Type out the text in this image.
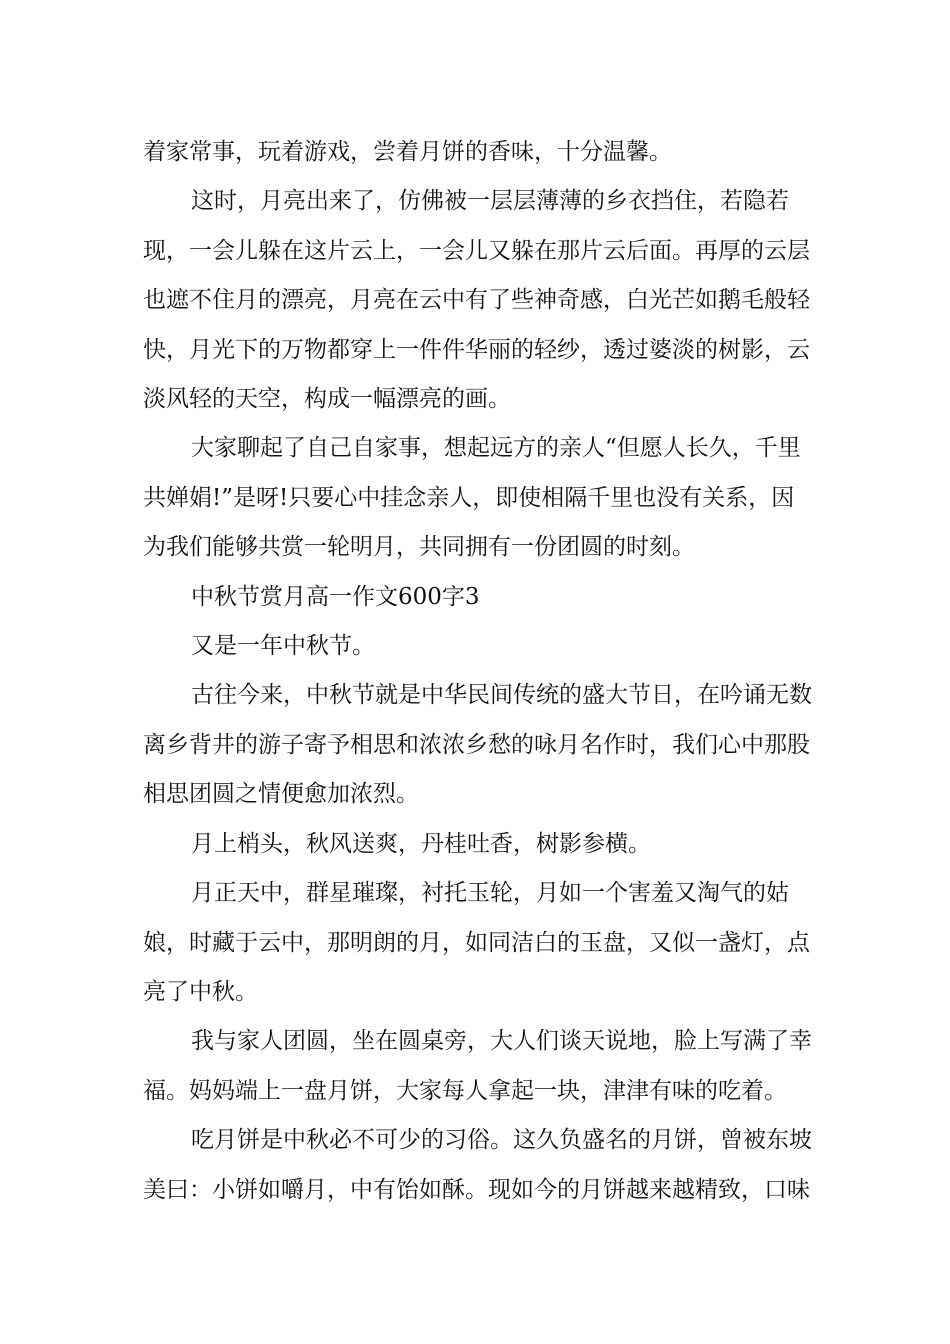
着家常事，玩着游戏，尝着月饼的香味，十分温馨。

这时，月亮出来了，仿佛被一层层薄薄的乡衣挡住，若隐若现，一会儿躲在这片云上，一会儿又躲在那片云后面。再厚的云层也遮不住月的漂亮，月亮在云中有了些神奇感，白光芒如鹅毛般轻快，月光下的万物都穿上一件件华丽的轻纱，透过婆淡的树影，云淡风轻的天空，构成一幅漂亮的画。

大家聊起了自己自家事，想起远方的亲人“但愿人长久，千里共婵娟!”是呀!只要心中挂念亲人，即使相隔千里也没有关系，因为我们能够共赏一轮明月，共同拥有一份团圆的时刻。

中秋节赏月高一作文600字3

又是一年中秋节。

古往今来，中秋节就是中华民间传统的盛大节日，在吟诵无数离乡背井的游子寄予相思和浓浓乡愁的咏月名作时，我们心中那股相思团圆之情便愈加浓烈。

月上梢头，秋风送爽，丹桂吐香，树影参横。

月正天中，群星璀璨，衬托玉轮，月如一个害羞又淘气的姑娘，时藏于云中，那明朗的月，如同洁白的玉盘，又似一盏灯，点亮了中秋。

我与家人团圆，坐在圆桌旁，大人们谈天说地，脸上写满了幸福。妈妈端上一盘月饼，大家每人拿起一块，津津有味的吃着。

吃月饼是中秋必不可少的习俗。这久负盛名的月饼，曾被东坡美曰：小饼如嚼月，中有饴如酥。现如今的月饼越来越精致，口味
